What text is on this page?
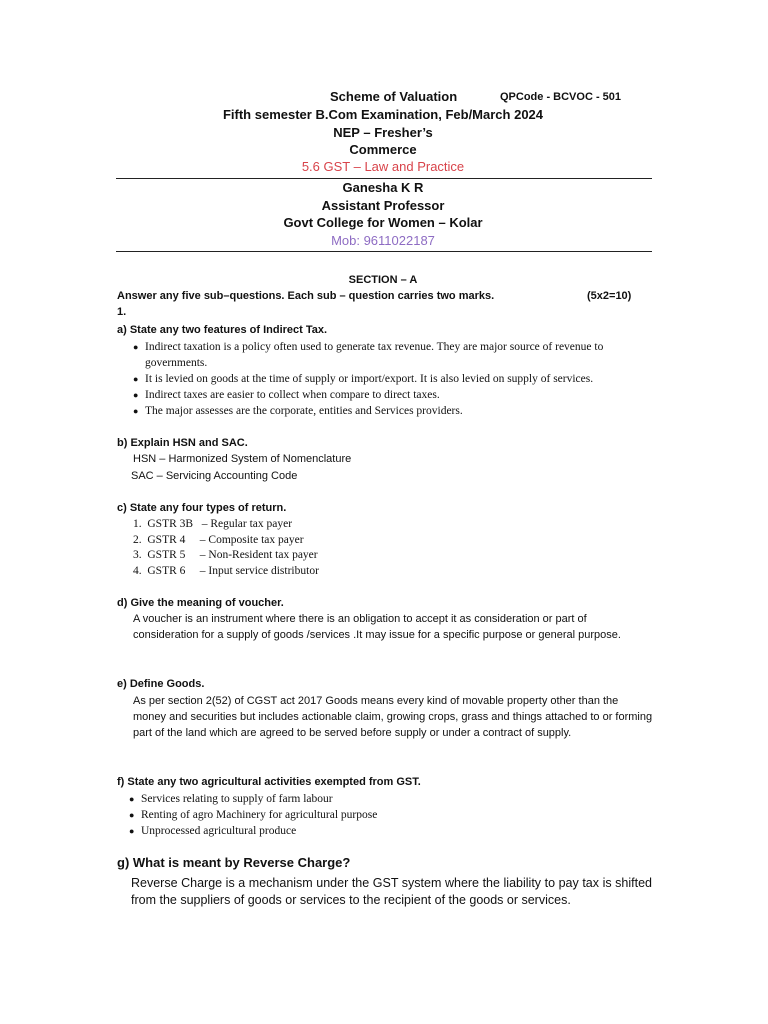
Scheme of Valuation	QPCode - BCVOC - 501
Fifth semester B.Com Examination, Feb/March 2024
NEP – Fresher’s
Commerce
5.6 GST – Law and Practice
Ganesha K R
Assistant Professor
Govt College for Women – Kolar
Mob: 9611022187
SECTION – A
Answer any five sub–questions. Each sub – question carries two marks.	(5x2=10)
1.
a) State any two features of Indirect Tax.
● Indirect taxation is a policy often used to generate tax revenue. They are major source of revenue to governments.
● It is levied on goods at the time of supply or import/export. It is also levied on supply of services.
● Indirect taxes are easier to collect when compare to direct taxes.
● The major assesses are the corporate, entities and Services providers.
b) Explain HSN and SAC.
HSN – Harmonized System of Nomenclature
SAC – Servicing Accounting Code
c) State any four types of return.
1.  GSTR 3B   – Regular tax payer
2.  GSTR 4     – Composite tax payer
3.  GSTR 5     – Non-Resident tax payer
4.  GSTR 6     – Input service distributor
d) Give the meaning of voucher.
A voucher is an instrument where there is an obligation to accept it as consideration or part of consideration for a supply of goods /services .It may issue for a specific purpose or general purpose.
e) Define Goods.
As per section 2(52) of CGST act 2017 Goods means every kind of movable property other than the money and securities but includes actionable claim, growing crops, grass and things attached to or forming part of the land which are agreed to be served before supply or under a contract of supply.
f) State any two agricultural activities exempted from GST.
● Services relating to supply of farm labour
● Renting of agro Machinery for agricultural purpose
● Unprocessed agricultural produce
g) What is meant by Reverse Charge?
Reverse Charge is a mechanism under the GST system where the liability to pay tax is shifted from the suppliers of goods or services to the recipient of the goods or services.
